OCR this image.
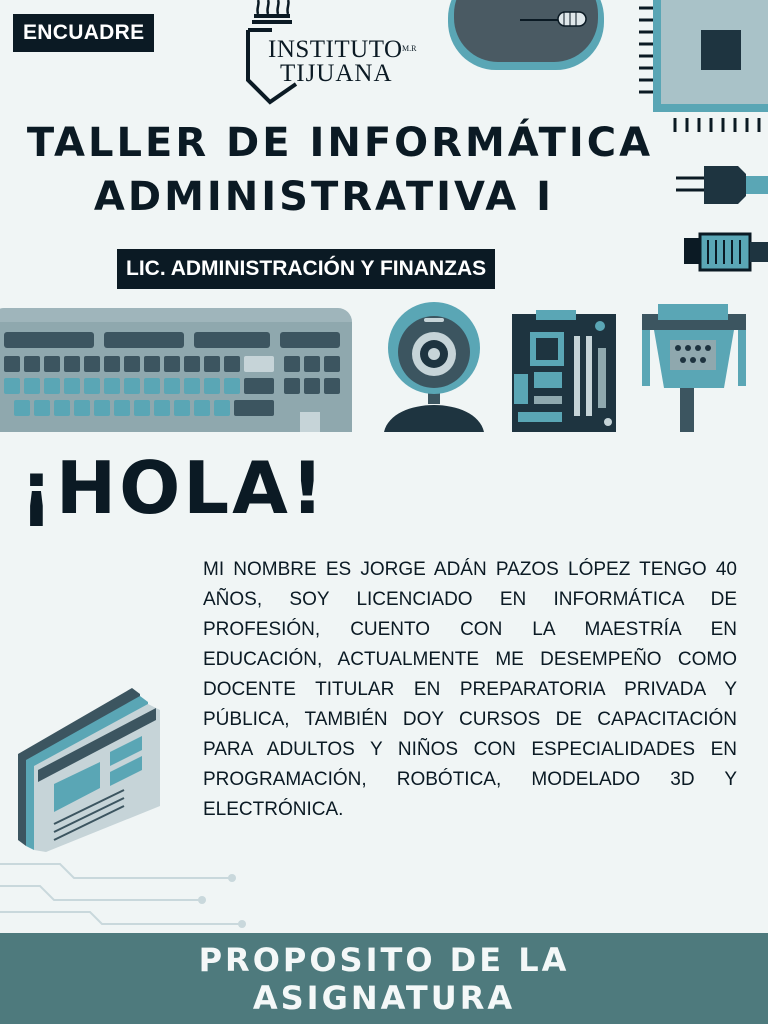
ENCUADRE
INSTITUTO M.R
TIJUANA
TALLER DE INFORMÁTICA
ADMINISTRATIVA I
LIC. ADMINISTRACIÓN Y FINANZAS
¡HOLA!
MI NOMBRE ES JORGE ADÁN PAZOS LÓPEZ TENGO 40 AÑOS, SOY LICENCIADO EN INFORMÁTICA DE PROFESIÓN, CUENTO CON LA MAESTRÍA EN EDUCACIÓN, ACTUALMENTE ME DESEMPEÑO COMO DOCENTE TITULAR EN PREPARATORIA PRIVADA Y PÚBLICA, TAMBIÉN DOY CURSOS DE CAPACITACIÓN PARA ADULTOS Y NIÑOS CON ESPECIALIDADES EN PROGRAMACIÓN, ROBÓTICA, MODELADO 3D Y ELECTRÓNICA.
PROPOSITO DE LA
ASIGNATURA
